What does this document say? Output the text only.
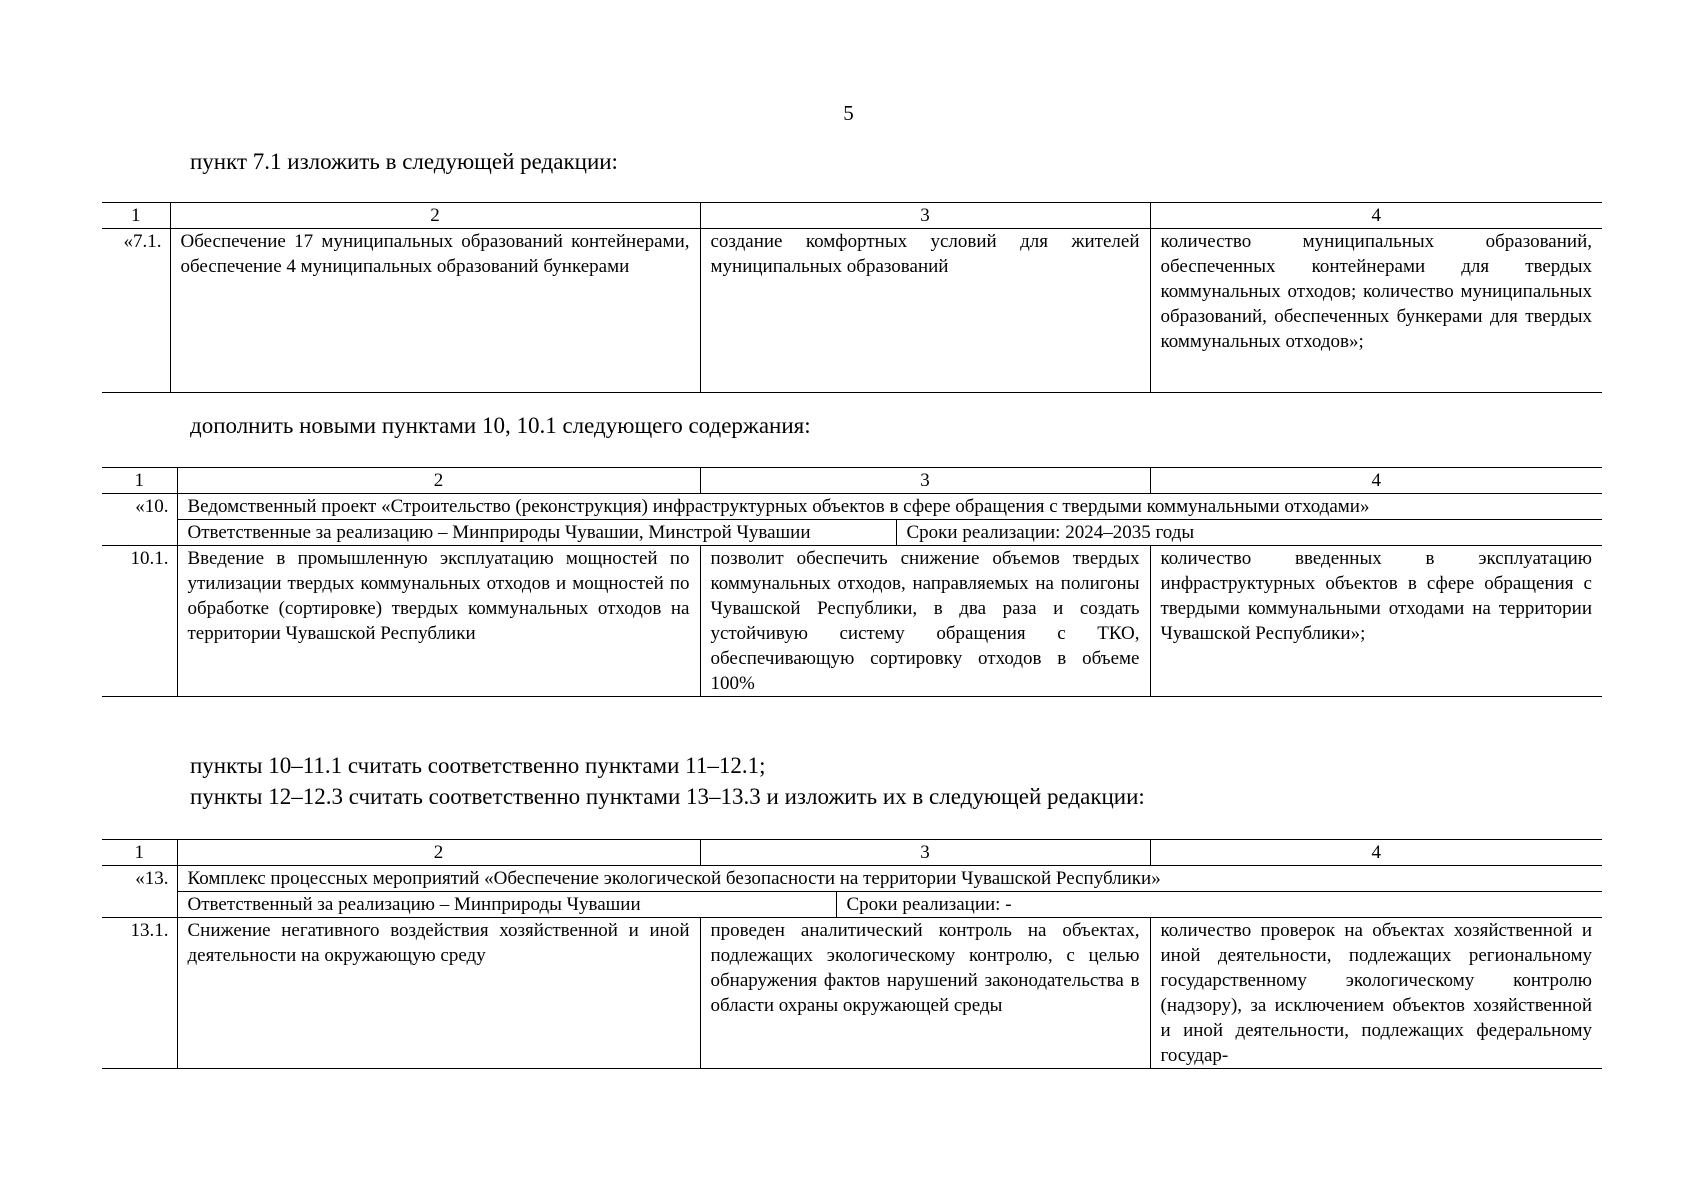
5
пункт 7.1 изложить в следующей редакции:
1	2	3	4
«7.1.	Обеспечение 17 муниципальных образований контейнерами, обеспечение 4 муниципальных образований бункерами	создание комфортных условий для жителей муниципальных образований	количество муниципальных образований, обеспеченных контейнерами для твердых коммунальных отходов; количество муниципальных образований, обеспеченных бункерами для твердых коммунальных отходов»;
дополнить новыми пунктами 10, 10.1 следующего содержания:
1	2	3	4
«10.	Ведомственный проект «Строительство (реконструкция) инфраструктурных объектов в сфере обращения с твердыми коммунальными отходами»		

	Ответственные за реализацию – Минприроды Чувашии, Минстрой Чувашии Сроки реализации: 2024–2035 годы		

10.1.	Введение в промышленную эксплуатацию мощностей по утилизации твердых коммунальных отходов и мощностей по обработке (сортировке) твердых коммунальных отходов на территории Чувашской Республики	позволит обеспечить снижение объемов твердых коммунальных отходов, направляемых на полигоны Чувашской Республики, в два раза и создать устойчивую систему обращения с ТКО, обеспечивающую сортировку отходов в объеме 100%	количество введенных в эксплуатацию инфраструктурных объектов в сфере обращения с твердыми коммунальными отходами на территории Чувашской Республики»;
пункты 10–11.1 считать соответственно пунктами 11–12.1;
пункты 12–12.3 считать соответственно пунктами 13–13.3 и изложить их в следующей редакции:
1	2	3	4
«13.	Комплекс процессных мероприятий «Обеспечение экологической безопасности на территории Чувашской Республики»		

	Ответственный за реализацию – Минприроды Чувашии Сроки реализации: -		

13.1.	Снижение негативного воздействия хозяйственной и иной деятельности на окружающую среду	проведен аналитический контроль на объектах, подлежащих экологическому контролю, с целью обнаружения фактов нарушений законодательства в области охраны окружающей среды	количество проверок на объектах хозяйственной и иной деятельности, подлежащих региональному государственному экологическому контролю (надзору), за исключением объектов хозяйственной и иной деятельности, подлежащих федеральному государ-
